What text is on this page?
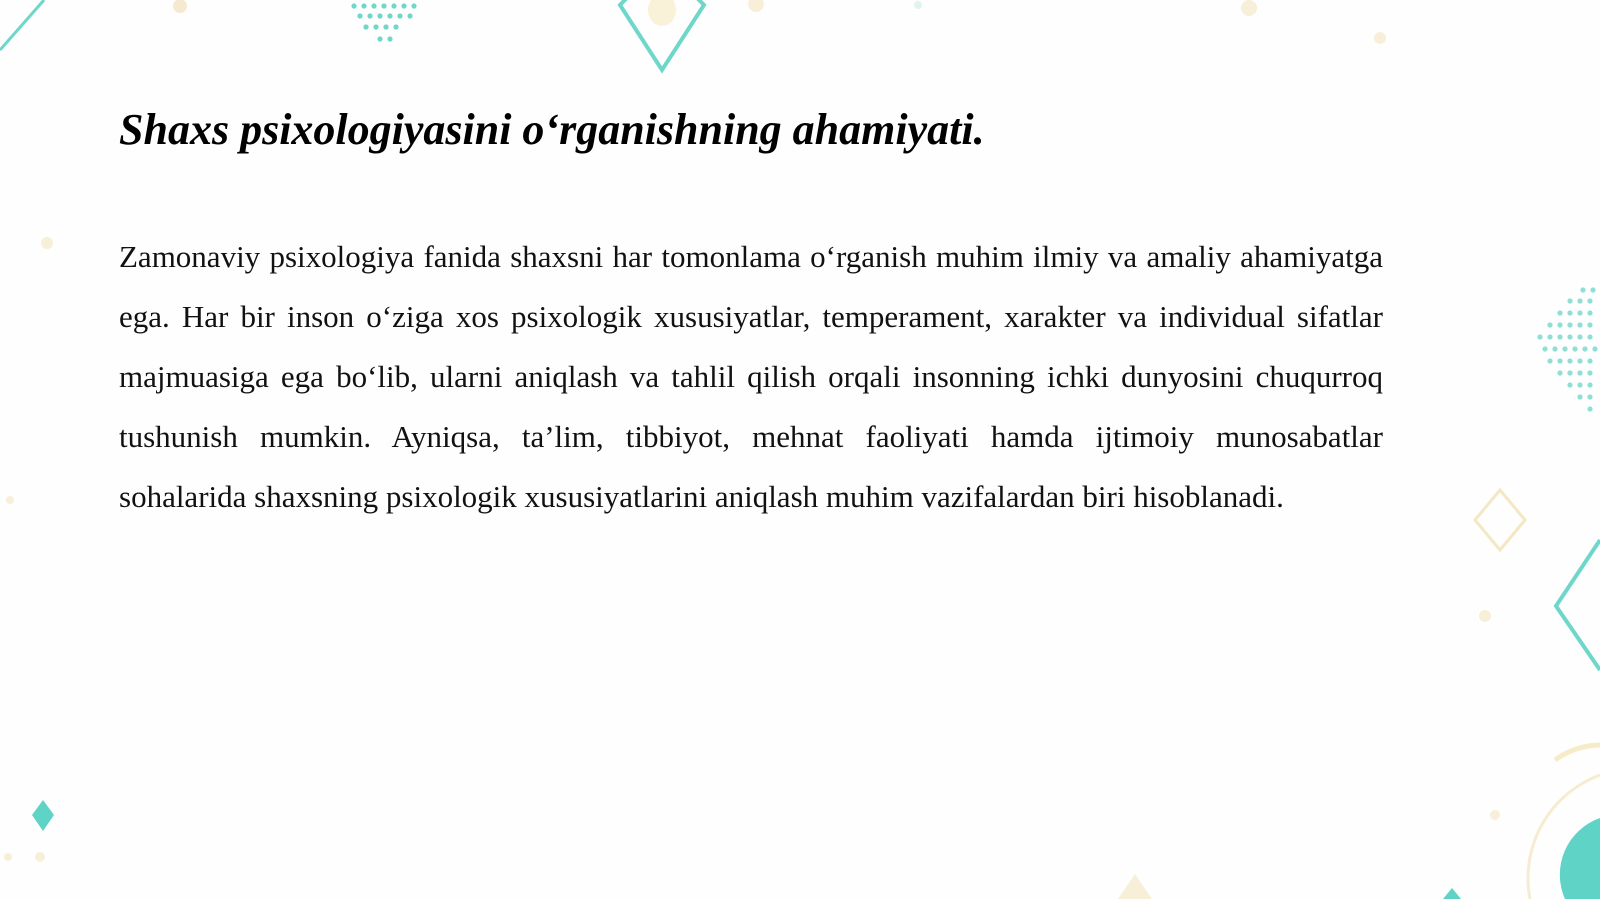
Shaxs psixologiyasini o‘rganishning ahamiyati.

Zamonaviy psixologiya fanida shaxsni har tomonlama o‘rganish muhim ilmiy va amaliy ahamiyatga ega. Har bir inson o‘ziga xos psixologik xususiyatlar, temperament, xarakter va individual sifatlar majmuasiga ega bo‘lib, ularni aniqlash va tahlil qilish orqali insonning ichki dunyosini chuqurroq tushunish mumkin. Ayniqsa, ta’lim, tibbiyot, mehnat faoliyati hamda ijtimoiy munosabatlar sohalarida shaxsning psixologik xususiyatlarini aniqlash muhim vazifalardan biri hisoblanadi.
